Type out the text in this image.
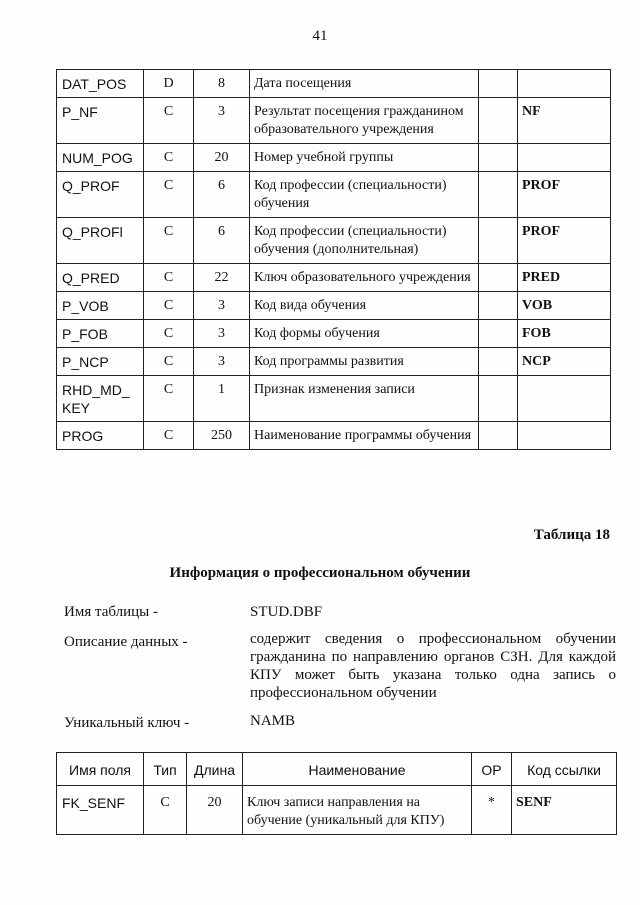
41
DAT_POS	D	8	Дата посещения		
P_NF	C	3	Результат посещения гражданином образовательного учреждения		NF
NUM_POG	C	20	Номер учебной группы		
Q_PROF	C	6	Код профессии (специальности) обучения		PROF
Q_PROFl	C	6	Код профессии (специальности) обучения (дополнительная)		PROF
Q_PRED	C	22	Ключ образовательного учреждения		PRED
P_VOB	C	3	Код вида обучения		VOB
P_FOB	C	3	Код формы обучения		FOB
P_NCP	C	3	Код программы развития		NCP
RHD_MD_ KEY	C	1	Признак изменения записи		
PROG	C	250	Наименование программы обучения		
Таблица 18
Информация о профессиональном обучении
Имя таблицы -	STUD.DBF
Описание данных -	содержит сведения о профессиональном обучении гражданина по направлению органов СЗН. Для каждой КПУ может быть указана только одна запись о профессиональном обучении
Уникальный ключ -	NAMB
Имя поля	Тип	Длина	Наименование	ОР	Код ссылки
FK_SENF	C	20	Ключ записи направления на обучение (уникальный для КПУ)	*	SENF
